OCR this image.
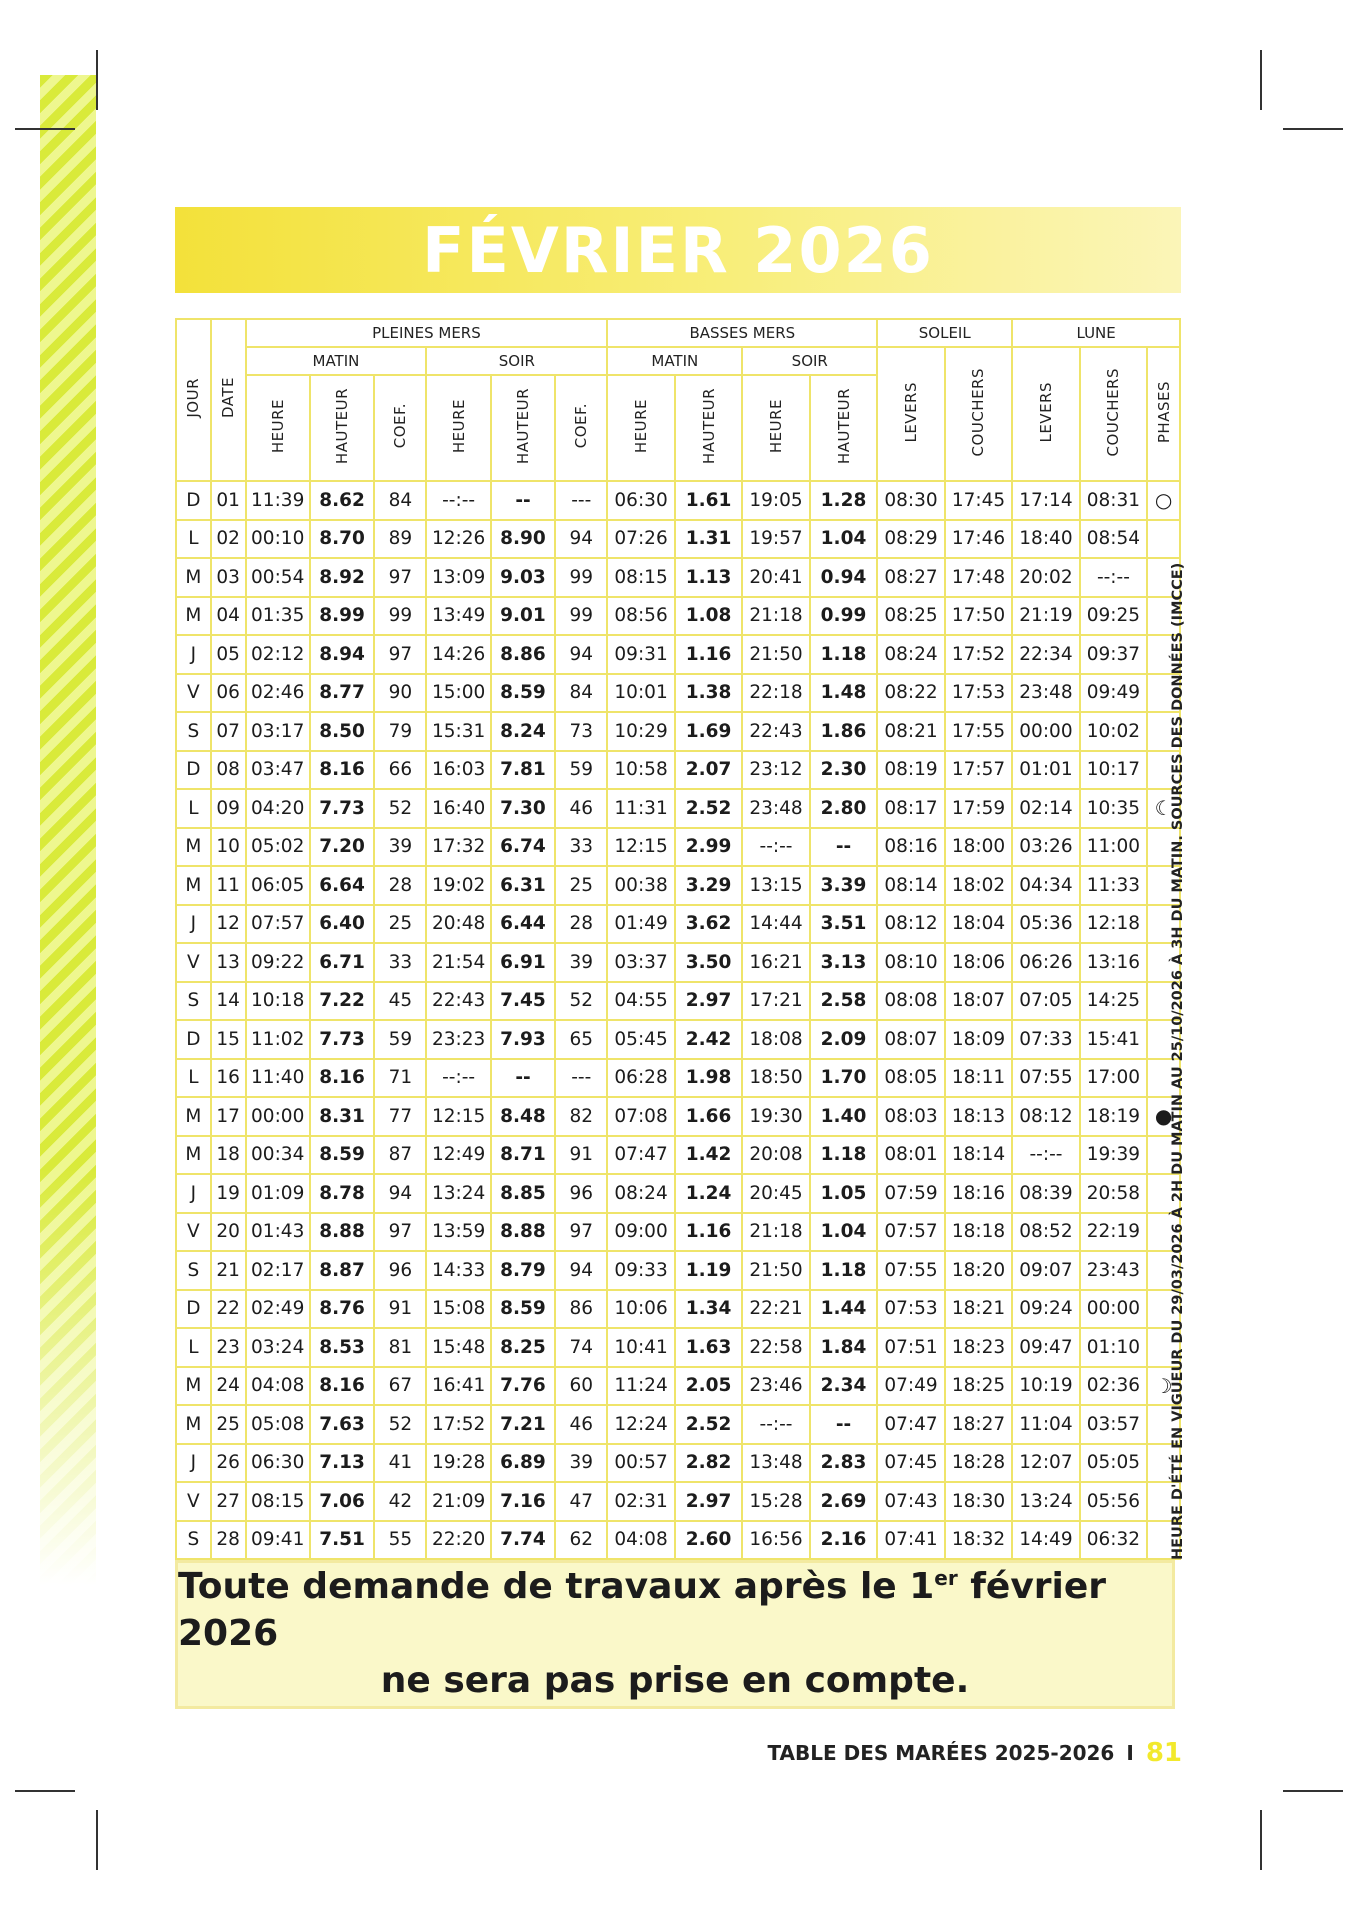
FÉVRIER 2026
JOUR	DATE	PLEINES MERS						BASSES MERS				SOLEIL		LUNE		
		MATIN			SOIR			MATIN		SOIR		LEVERS	COUCHERS	LEVERS	COUCHERS	PHASES
		HEURE	HAUTEUR	COEF.	HEURE	HAUTEUR	COEF.	HEURE	HAUTEUR	HEURE	HAUTEUR					
D	01	11:39	8.62	84	--:--	--	---	06:30	1.61	19:05	1.28	08:30	17:45	17:14	08:31	○
L	02	00:10	8.70	89	12:26	8.90	94	07:26	1.31	19:57	1.04	08:29	17:46	18:40	08:54	
M	03	00:54	8.92	97	13:09	9.03	99	08:15	1.13	20:41	0.94	08:27	17:48	20:02	--:--	
M	04	01:35	8.99	99	13:49	9.01	99	08:56	1.08	21:18	0.99	08:25	17:50	21:19	09:25	
J	05	02:12	8.94	97	14:26	8.86	94	09:31	1.16	21:50	1.18	08:24	17:52	22:34	09:37	
V	06	02:46	8.77	90	15:00	8.59	84	10:01	1.38	22:18	1.48	08:22	17:53	23:48	09:49	
S	07	03:17	8.50	79	15:31	8.24	73	10:29	1.69	22:43	1.86	08:21	17:55	00:00	10:02	
D	08	03:47	8.16	66	16:03	7.81	59	10:58	2.07	23:12	2.30	08:19	17:57	01:01	10:17	
L	09	04:20	7.73	52	16:40	7.30	46	11:31	2.52	23:48	2.80	08:17	17:59	02:14	10:35	☾
M	10	05:02	7.20	39	17:32	6.74	33	12:15	2.99	--:--	--	08:16	18:00	03:26	11:00	
M	11	06:05	6.64	28	19:02	6.31	25	00:38	3.29	13:15	3.39	08:14	18:02	04:34	11:33	
J	12	07:57	6.40	25	20:48	6.44	28	01:49	3.62	14:44	3.51	08:12	18:04	05:36	12:18	
V	13	09:22	6.71	33	21:54	6.91	39	03:37	3.50	16:21	3.13	08:10	18:06	06:26	13:16	
S	14	10:18	7.22	45	22:43	7.45	52	04:55	2.97	17:21	2.58	08:08	18:07	07:05	14:25	
D	15	11:02	7.73	59	23:23	7.93	65	05:45	2.42	18:08	2.09	08:07	18:09	07:33	15:41	
L	16	11:40	8.16	71	--:--	--	---	06:28	1.98	18:50	1.70	08:05	18:11	07:55	17:00	
M	17	00:00	8.31	77	12:15	8.48	82	07:08	1.66	19:30	1.40	08:03	18:13	08:12	18:19	●
M	18	00:34	8.59	87	12:49	8.71	91	07:47	1.42	20:08	1.18	08:01	18:14	--:--	19:39	
J	19	01:09	8.78	94	13:24	8.85	96	08:24	1.24	20:45	1.05	07:59	18:16	08:39	20:58	
V	20	01:43	8.88	97	13:59	8.88	97	09:00	1.16	21:18	1.04	07:57	18:18	08:52	22:19	
S	21	02:17	8.87	96	14:33	8.79	94	09:33	1.19	21:50	1.18	07:55	18:20	09:07	23:43	
D	22	02:49	8.76	91	15:08	8.59	86	10:06	1.34	22:21	1.44	07:53	18:21	09:24	00:00	
L	23	03:24	8.53	81	15:48	8.25	74	10:41	1.63	22:58	1.84	07:51	18:23	09:47	01:10	
M	24	04:08	8.16	67	16:41	7.76	60	11:24	2.05	23:46	2.34	07:49	18:25	10:19	02:36	☽
M	25	05:08	7.63	52	17:52	7.21	46	12:24	2.52	--:--	--	07:47	18:27	11:04	03:57	
J	26	06:30	7.13	41	19:28	6.89	39	00:57	2.82	13:48	2.83	07:45	18:28	12:07	05:05	
V	27	08:15	7.06	42	21:09	7.16	47	02:31	2.97	15:28	2.69	07:43	18:30	13:24	05:56	
S	28	09:41	7.51	55	22:20	7.74	62	04:08	2.60	16:56	2.16	07:41	18:32	14:49	06:32	HEURE D'ÉTÉ EN VIGUEUR DU 29/03/2026 À 2H DU MATIN AU 25/10/2026 À 3H DU MATIN. SOURCES DES DONNÉES (IMCCE)
Toute demande de travaux après le 1er février 2026
ne sera pas prise en compte.
TABLE DES MARÉES 2025-2026 I 81
